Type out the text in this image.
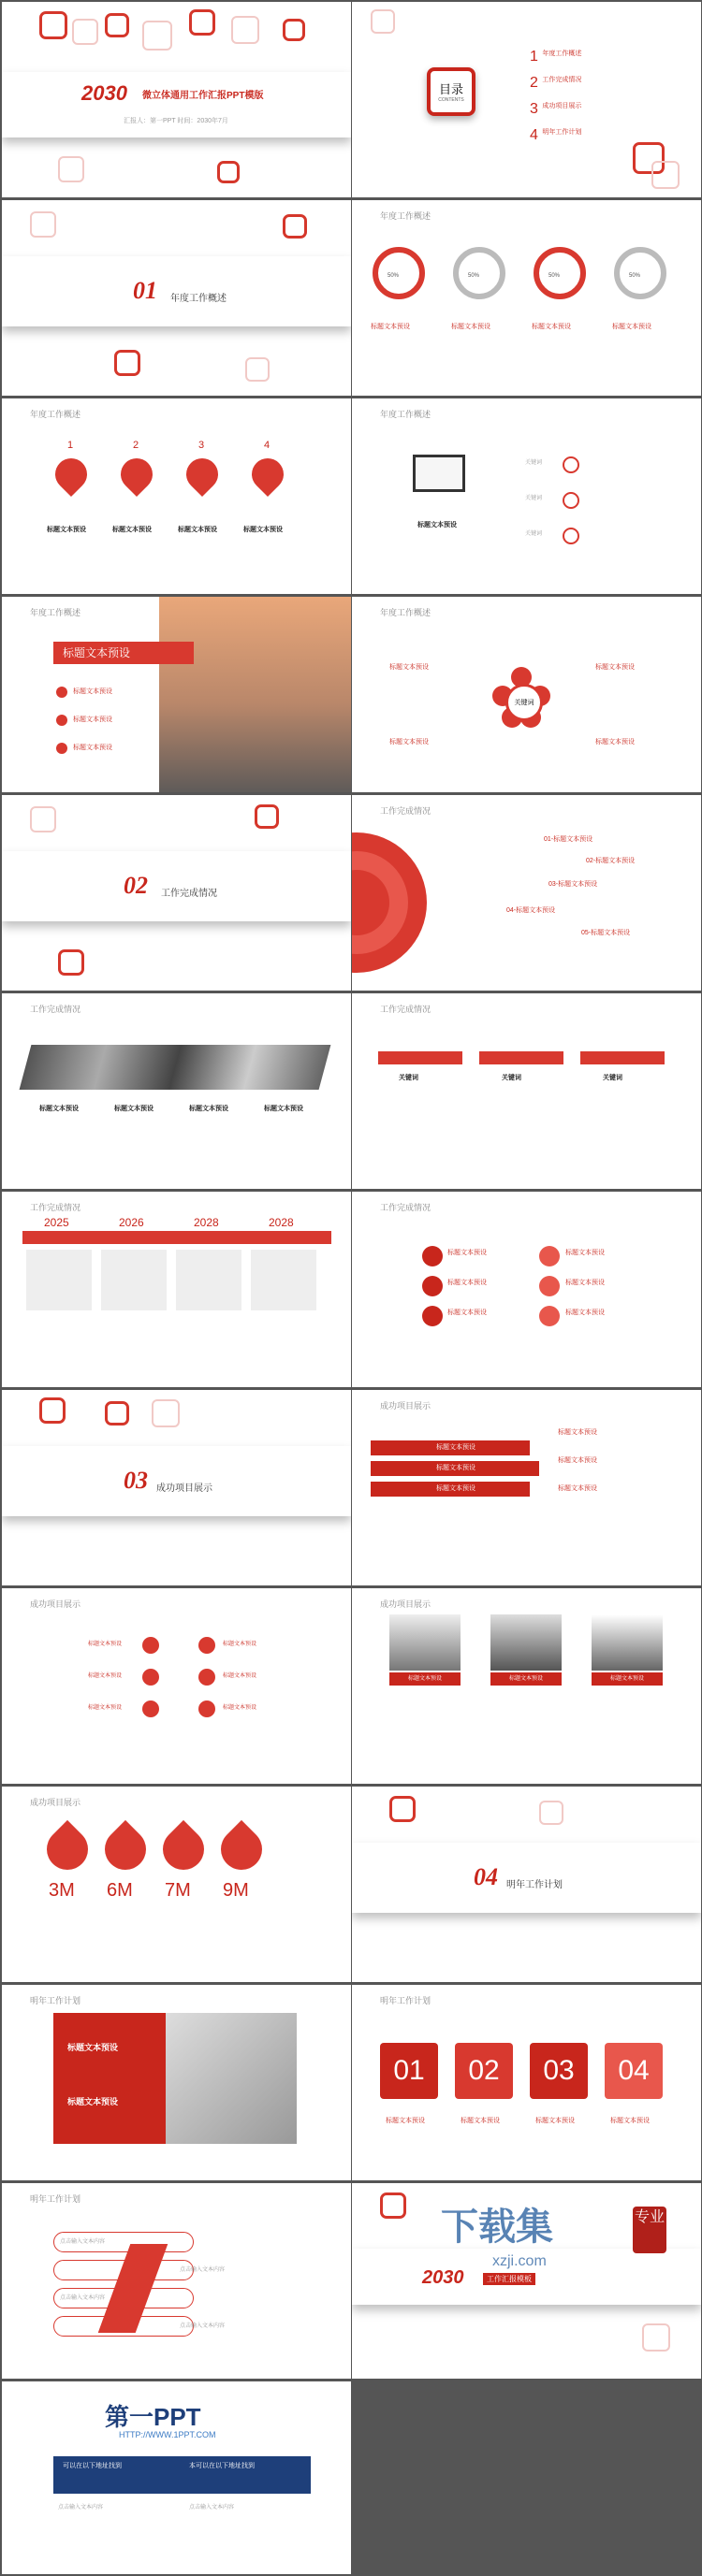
2030 微立体通用工作汇报PPT模版
汇报人：第一PPT 时间：2030年7月
目录
CONTENTS
1 $^{年度工作概述}$
2 $^{工作完成情况}$
3 $^{成功项目展示}$
4 $^{明年工作计划}$
01 年度工作概述
年度工作概述
50%	50%	50%	50%
标题文本预设	标题文本预设	标题文本预设	标题文本预设
年度工作概述
1	2	3	4
标题文本预设	标题文本预设	标题文本预设	标题文本预设
年度工作概述
标题文本预设
关键词
关键词
关键词
年度工作概述
标题文本预设
标题文本预设
标题文本预设
标题文本预设
年度工作概述
关键词
标题文本预设	标题文本预设
标题文本预设	标题文本预设
02 工作完成情况
工作完成情况
01-标题文本预设
02-标题文本预设
03-标题文本预设
04-标题文本预设
05-标题文本预设
工作完成情况
标题文本预设	标题文本预设	标题文本预设	标题文本预设
工作完成情况
关键词	关键词	关键词
工作完成情况
2025	2026	2028	2028
工作完成情况
标题文本预设
标题文本预设
标题文本预设
标题文本预设
标题文本预设
标题文本预设
03 成功项目展示
成功项目展示
标题文本预设
标题文本预设
标题文本预设
标题文本预设
标题文本预设
标题文本预设
成功项目展示
标题文本预设
标题文本预设
标题文本预设
标题文本预设
标题文本预设
标题文本预设
成功项目展示
标题文本预设	标题文本预设	标题文本预设
成功项目展示
3M 6M 7M 9M	04 明年工作计划
明年工作计划
标题文本预设
标题文本预设
明年工作计划
01	02	03	04
标题文本预设	标题文本预设	标题文本预设	标题文本预设
明年工作计划
点击输入文本内容
点击输入文本内容
点击输入文本内容
点击输入文本内容
2030	工作汇报模板
下载集
xzji.com
专业
第一PPT
HTTP://WWW.1PPT.COM
可以在以下地址找到	本可以在以下地址找到
点击输入文本内容	点击输入文本内容
